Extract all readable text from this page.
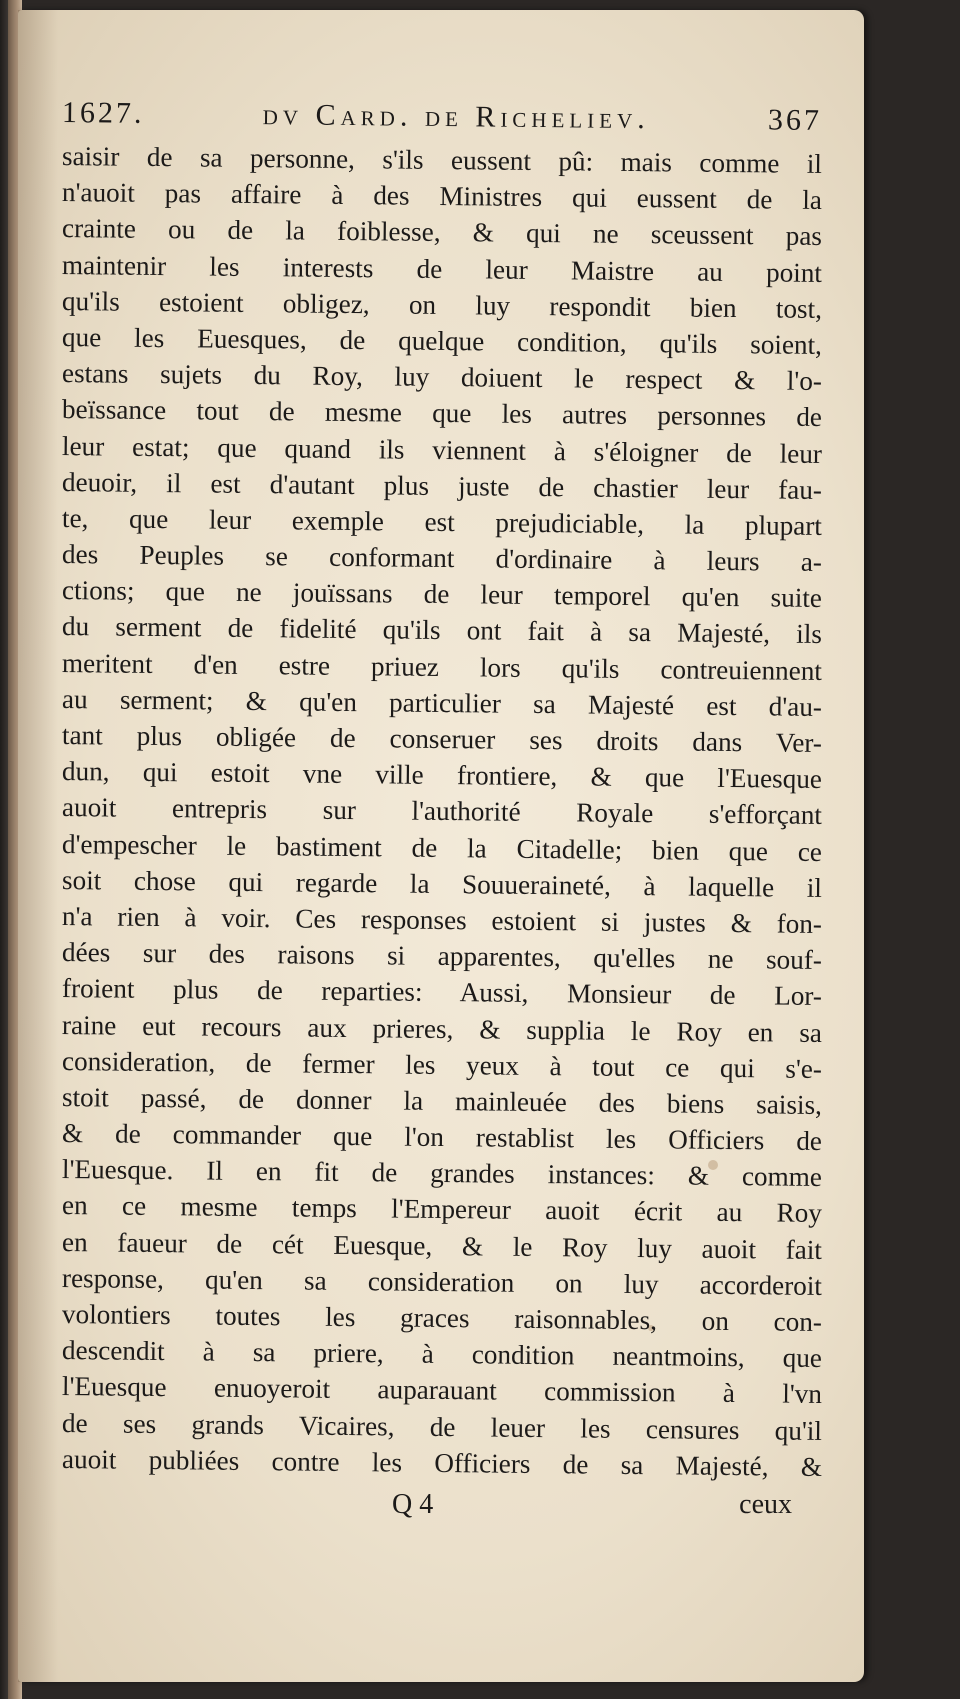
1627.	dv Card. de Richeliev.	367
saisir de sa personne, s'ils eussent pû: mais comme il
n'auoit pas affaire à des Ministres qui eussent de la
crainte ou de la foiblesse, & qui ne sceussent pas
maintenir les interests de leur Maistre au point
qu'ils estoient obligez, on luy respondit bien tost,
que les Euesques, de quelque condition, qu'ils soient,
estans sujets du Roy, luy doiuent le respect & l'o-
beïssance tout de mesme que les autres personnes de
leur estat; que quand ils viennent à s'éloigner de leur
deuoir, il est d'autant plus juste de chastier leur fau-
te, que leur exemple est prejudiciable, la plupart
des Peuples se conformant d'ordinaire à leurs a-
ctions; que ne jouïssans de leur temporel qu'en suite
du serment de fidelité qu'ils ont fait à sa Majesté, ils
meritent d'en estre priuez lors qu'ils contreuiennent
au serment; & qu'en particulier sa Majesté est d'au-
tant plus obligée de conseruer ses droits dans Ver-
dun, qui estoit vne ville frontiere, & que l'Euesque
auoit entrepris sur l'authorité Royale s'efforçant
d'empescher le bastiment de la Citadelle; bien que ce
soit chose qui regarde la Souueraineté, à laquelle il
n'a rien à voir. Ces responses estoient si justes & fon-
dées sur des raisons si apparentes, qu'elles ne souf-
froient plus de reparties: Aussi, Monsieur de Lor-
raine eut recours aux prieres, & supplia le Roy en sa
consideration, de fermer les yeux à tout ce qui s'e-
stoit passé, de donner la mainleuée des biens saisis,
& de commander que l'on restablist les Officiers de
l'Euesque. Il en fit de grandes instances: & comme
en ce mesme temps l'Empereur auoit écrit au Roy
en faueur de cét Euesque, & le Roy luy auoit fait
response, qu'en sa consideration on luy accorderoit
volontiers toutes les graces raisonnables, on con-
descendit à sa priere, à condition neantmoins, que
l'Euesque enuoyeroit auparauant commission à l'vn
de ses grands Vicaires, de leuer les censures qu'il
auoit publiées contre les Officiers de sa Majesté, &
Q 4	ceux
